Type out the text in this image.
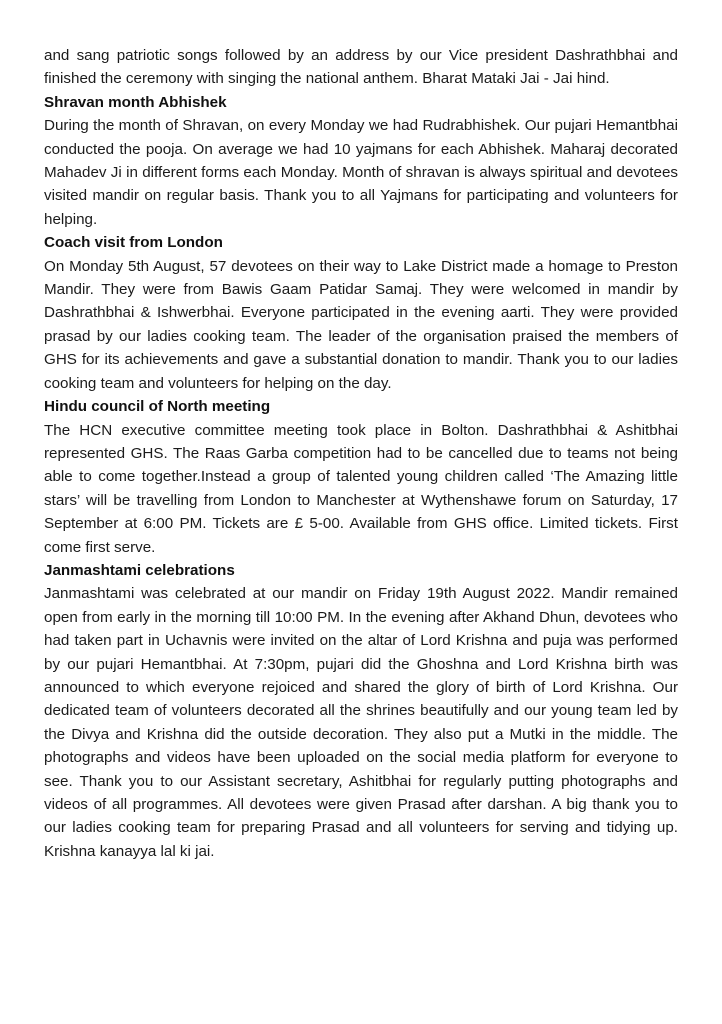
and sang patriotic songs followed by an address by our Vice president Dashrathbhai and finished the ceremony with singing the national anthem. Bharat Mataki Jai - Jai hind.

Shravan month Abhishek

During the month of Shravan, on every Monday we had Rudrabhishek. Our pujari Hemantbhai conducted the pooja. On average we had 10 yajmans for each Abhishek. Maharaj decorated Mahadev Ji in different forms each Monday. Month of shravan is always spiritual and devotees visited mandir on regular basis. Thank you to all Yajmans for participating and volunteers for helping.

Coach visit from London

On Monday 5th August, 57 devotees on their way to Lake District made a homage to Preston Mandir. They were from Bawis Gaam Patidar Samaj. They were welcomed in mandir by Dashrathbhai & Ishwerbhai. Everyone participated in the evening aarti. They were provided prasad by our ladies cooking team. The leader of the organisation praised the members of GHS for its achievements and gave a substantial donation to mandir. Thank you to our ladies cooking team and volunteers for helping on the day.

Hindu council of North meeting

The HCN executive committee meeting took place in Bolton. Dashrathbhai & Ashitbhai represented GHS. The Raas Garba competition had to be cancelled due to teams not being able to come together.Instead a group of talented young children called ‘The Amazing little stars’ will be travelling from London to Manchester at Wythenshawe forum on Saturday, 17 September at 6:00 PM. Tickets are £ 5-00. Available from GHS office. Limited tickets. First come first serve.

Janmashtami celebrations

Janmashtami was celebrated at our mandir on Friday 19th August 2022. Mandir remained open from early in the morning till 10:00 PM. In the evening after Akhand Dhun, devotees who had taken part in Uchavnis were invited on the altar of Lord Krishna and puja was performed by our pujari Hemantbhai. At 7:30pm, pujari did the Ghoshna and Lord Krishna birth was announced to which everyone rejoiced and shared the glory of birth of Lord Krishna. Our dedicated team of volunteers decorated all the shrines beautifully and our young team led by the Divya and Krishna did the outside decoration. They also put a Mutki in the middle. The photographs and videos have been uploaded on the social media platform for everyone to see. Thank you to our Assistant secretary, Ashitbhai for regularly putting photographs and videos of all programmes. All devotees were given Prasad after darshan. A big thank you to our ladies cooking team for preparing Prasad and all volunteers for serving and tidying up. Krishna kanayya lal ki jai.
